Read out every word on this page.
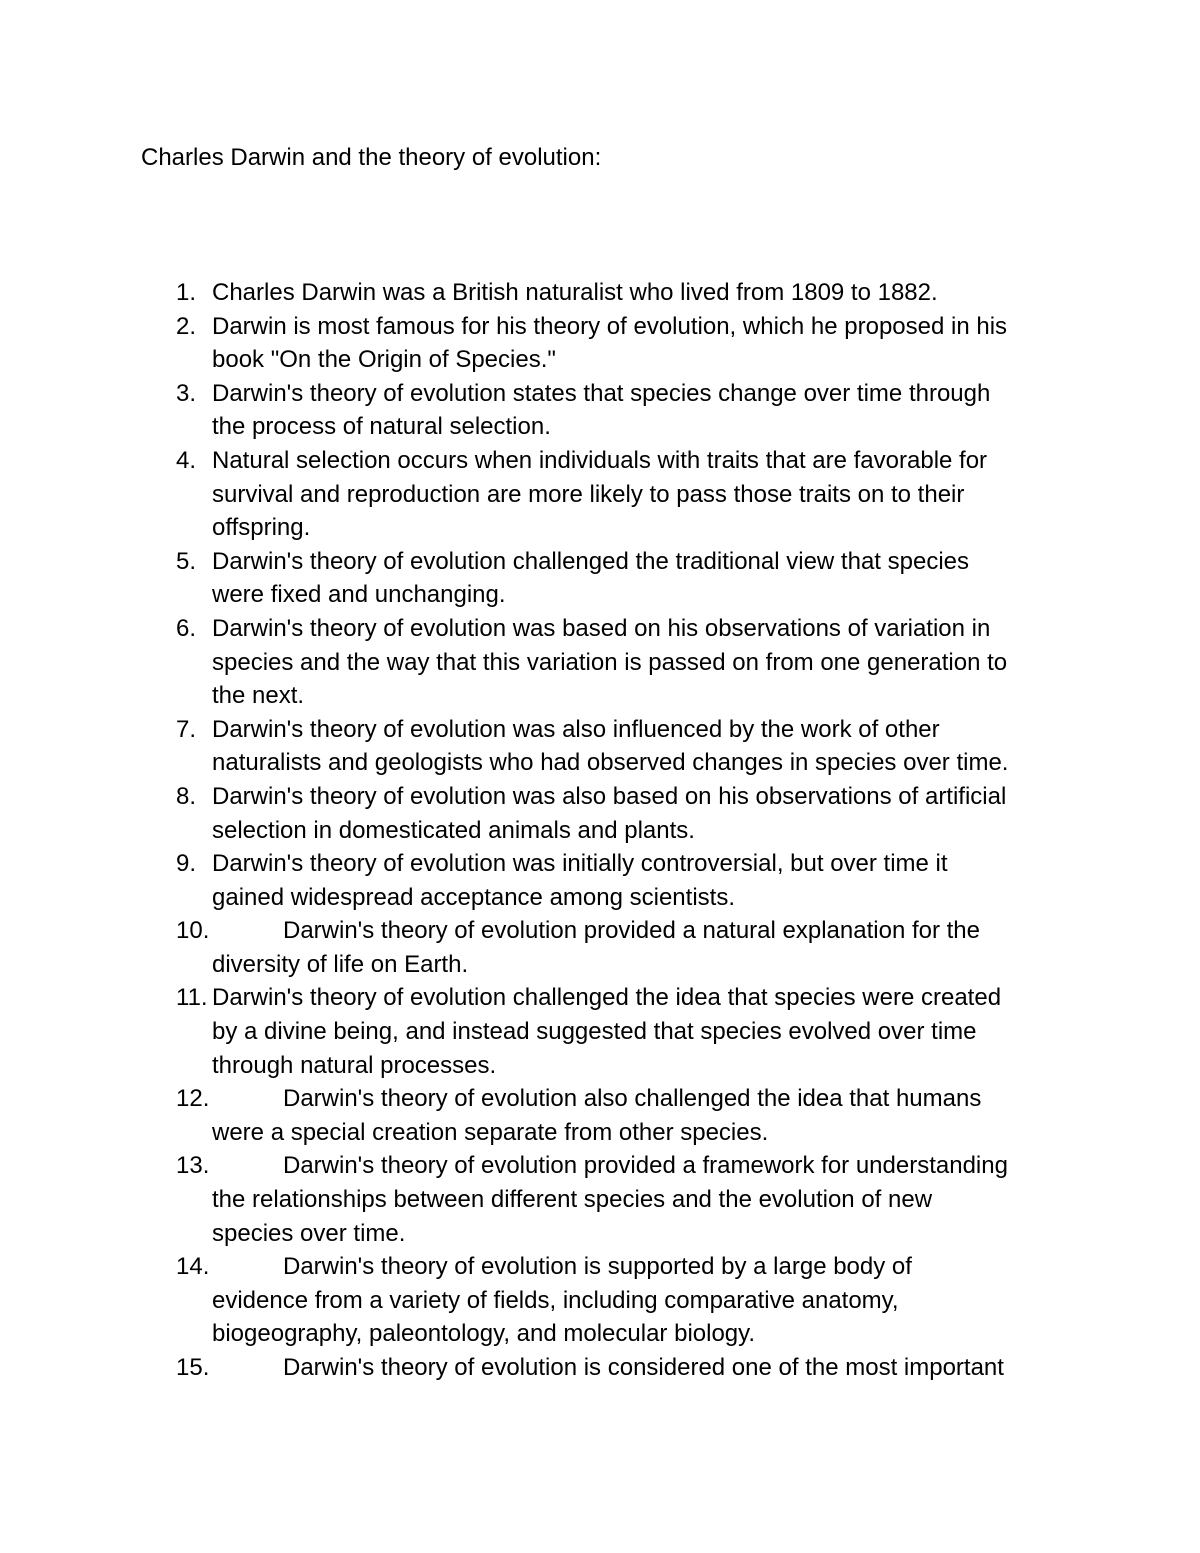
Charles Darwin and the theory of evolution:
1. Charles Darwin was a British naturalist who lived from 1809 to 1882.
2. Darwin is most famous for his theory of evolution, which he proposed in his
book "On the Origin of Species."
3. Darwin's theory of evolution states that species change over time through
the process of natural selection.
4. Natural selection occurs when individuals with traits that are favorable for
survival and reproduction are more likely to pass those traits on to their
offspring.
5. Darwin's theory of evolution challenged the traditional view that species
were fixed and unchanging.
6. Darwin's theory of evolution was based on his observations of variation in
species and the way that this variation is passed on from one generation to
the next.
7. Darwin's theory of evolution was also influenced by the work of other
naturalists and geologists who had observed changes in species over time.
8. Darwin's theory of evolution was also based on his observations of artificial
selection in domesticated animals and plants.
9. Darwin's theory of evolution was initially controversial, but over time it
gained widespread acceptance among scientists.
10.	Darwin's theory of evolution provided a natural explanation for the
diversity of life on Earth.
11. Darwin's theory of evolution challenged the idea that species were created
by a divine being, and instead suggested that species evolved over time
through natural processes.
12.	Darwin's theory of evolution also challenged the idea that humans
were a special creation separate from other species.
13.	Darwin's theory of evolution provided a framework for understanding
the relationships between different species and the evolution of new
species over time.
14.	Darwin's theory of evolution is supported by a large body of
evidence from a variety of fields, including comparative anatomy,
biogeography, paleontology, and molecular biology.
15.	Darwin's theory of evolution is considered one of the most important
